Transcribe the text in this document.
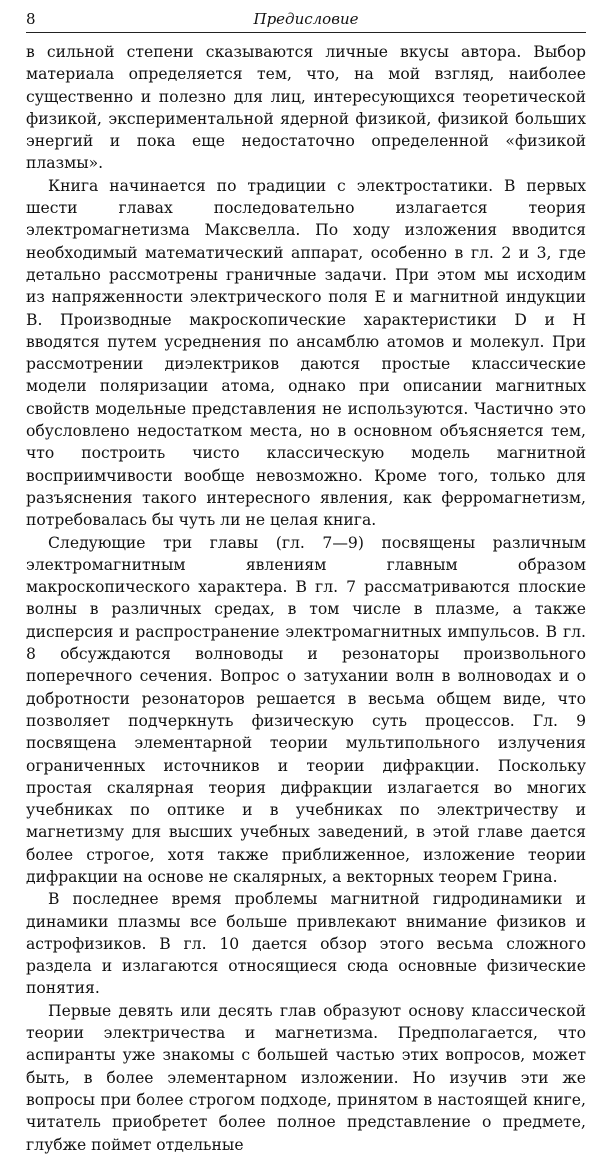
8	Предисловие

в сильной степени сказываются личные вкусы автора. Выбор материала определяется тем, что, на мой взгляд, наиболее существенно и полезно для лиц, интересующихся теоретической физикой, экспериментальной ядерной физикой, физикой больших энергий и пока еще недостаточно определенной «физикой плазмы».

Книга начинается по традиции с электростатики. В первых шести главах последовательно излагается теория электромагнетизма Максвелла. По ходу изложения вводится необходимый математический аппарат, особенно в гл. 2 и 3, где детально рассмотрены граничные задачи. При этом мы исходим из напряженности электрического поля E и магнитной индукции B. Производные макроскопические характеристики D и H вводятся путем усреднения по ансамблю атомов и молекул. При рассмотрении диэлектриков даются простые классические модели поляризации атома, однако при описании магнитных свойств модельные представления не используются. Частично это обусловлено недостатком места, но в основном объясняется тем, что построить чисто классическую модель магнитной восприимчивости вообще невозможно. Кроме того, только для разъяснения такого интересного явления, как ферромагнетизм, потребовалась бы чуть ли не целая книга.

Следующие три главы (гл. 7—9) посвящены различным электромагнитным явлениям главным образом макроскопического характера. В гл. 7 рассматриваются плоские волны в различных средах, в том числе в плазме, а также дисперсия и распространение электромагнитных импульсов. В гл. 8 обсуждаются волноводы и резонаторы произвольного поперечного сечения. Вопрос о затухании волн в волноводах и о добротности резонаторов решается в весьма общем виде, что позволяет подчеркнуть физическую суть процессов. Гл. 9 посвящена элементарной теории мультипольного излучения ограниченных источников и теории дифракции. Поскольку простая скалярная теория дифракции излагается во многих учебниках по оптике и в учебниках по электричеству и магнетизму для высших учебных заведений, в этой главе дается более строгое, хотя также приближенное, изложение теории дифракции на основе не скалярных, а векторных теорем Грина.

В последнее время проблемы магнитной гидродинамики и динамики плазмы все больше привлекают внимание физиков и астрофизиков. В гл. 10 дается обзор этого весьма сложного раздела и излагаются относящиеся сюда основные физические понятия.

Первые девять или десять глав образуют основу классической теории электричества и магнетизма. Предполагается, что аспиранты уже знакомы с большей частью этих вопросов, может быть, в более элементарном изложении. Но изучив эти же вопросы при более строгом подходе, принятом в настоящей книге, читатель приобретет более полное представление о предмете, глубже поймет отдельные
